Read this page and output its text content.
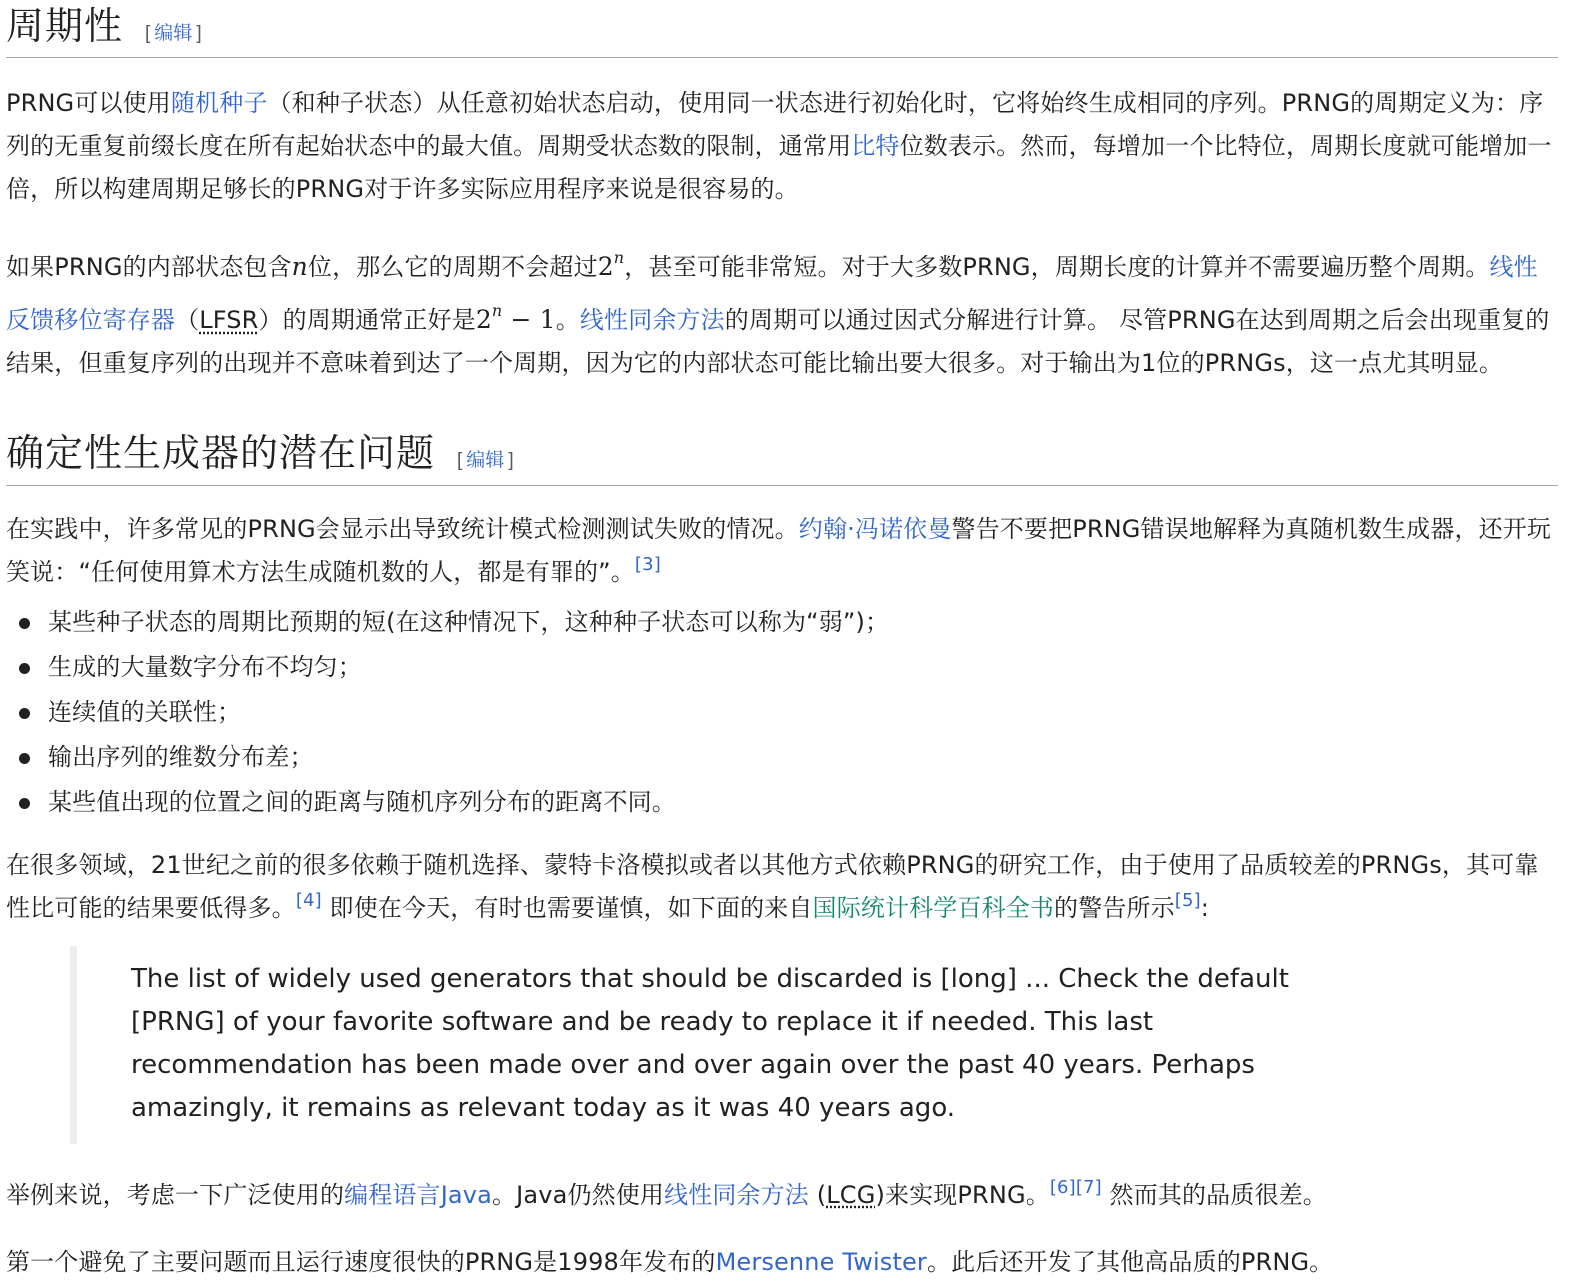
周期性 [ 编辑 ]

PRNG可以使用随机种子（和种子状态）从任意初始状态启动，使用同一状态进行初始化时，它将始终生成相同的序列。PRNG的周期定义为：序列的无重复前缀长度在所有起始状态中的最大值。周期受状态数的限制，通常用比特位数表示。然而，每增加一个比特位，周期长度就可能增加一倍，所以构建周期足够长的PRNG对于许多实际应用程序来说是很容易的。

如果PRNG的内部状态包含n位，那么它的周期不会超过2$^n$，甚至可能非常短。对于大多数PRNG，周期长度的计算并不需要遍历整个周期。线性反馈移位寄存器（LFSR）的周期通常正好是$2^n - 1$。线性同余方法的周期可以通过因式分解进行计算。 尽管PRNG在达到周期之后会出现重复的结果，但重复序列的出现并不意味着到达了一个周期，因为它的内部状态可能比输出要大很多。对于输出为1位的PRNGs，这一点尤其明显。

确定性生成器的潜在问题 [ 编辑 ]

在实践中，许多常见的PRNG会显示出导致统计模式检测测试失败的情况。约翰·冯诺依曼警告不要把PRNG错误地解释为真随机数生成器，还开玩笑说：“任何使用算术方法生成随机数的人，都是有罪的”。[3]

某些种子状态的周期比预期的短(在这种情况下，这种种子状态可以称为“弱”)；
生成的大量数字分布不均匀；
连续值的关联性；
输出序列的维数分布差；
某些值出现的位置之间的距离与随机序列分布的距离不同。

在很多领域，21世纪之前的很多依赖于随机选择、蒙特卡洛模拟或者以其他方式依赖PRNG的研究工作，由于使用了品质较差的PRNGs，其可靠性比可能的结果要低得多。[4] 即使在今天，有时也需要谨慎，如下面的来自国际统计科学百科全书的警告所示[5]:

The list of widely used generators that should be discarded is [long] ... Check the default [PRNG] of your favorite software and be ready to replace it if needed. This last recommendation has been made over and over again over the past 40 years. Perhaps amazingly, it remains as relevant today as it was 40 years ago.

举例来说，考虑一下广泛使用的编程语言Java。Java仍然使用线性同余方法 (LCG)来实现PRNG。[6][7] 然而其的品质很差。

第一个避免了主要问题而且运行速度很快的PRNG是1998年发布的Mersenne Twister。此后还开发了其他高品质的PRNG。
